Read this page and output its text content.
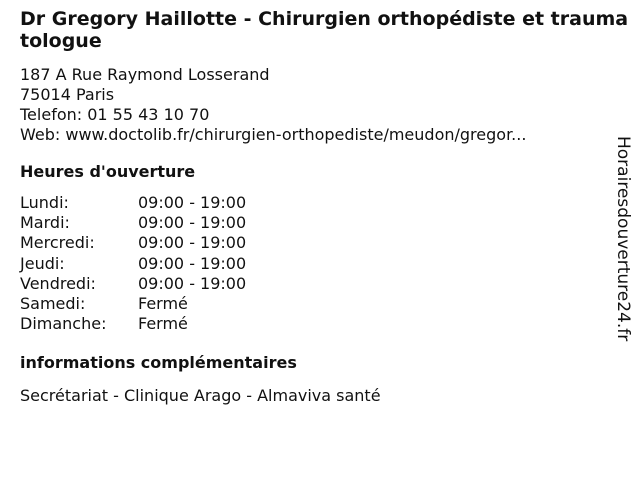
Dr Gregory Haillotte - Chirurgien orthopédiste et traumatologue
187 A Rue Raymond Losserand
75014 Paris
Telefon: 01 55 43 10 70
Web: www.doctolib.fr/chirurgien-orthopediste/meudon/gregor...
Heures d'ouverture
Lundi:	09:00 - 19:00
Mardi:	09:00 - 19:00
Mercredi:	09:00 - 19:00
Jeudi:	09:00 - 19:00
Vendredi:	09:00 - 19:00
Samedi:	Fermé
Dimanche:	Fermé
informations complémentaires
Secrétariat - Clinique Arago - Almaviva santé
Horairesdouverture24.fr
